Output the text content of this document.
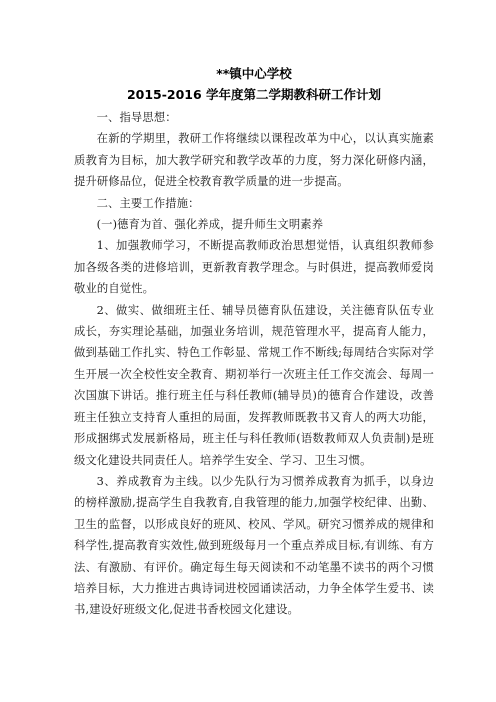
**镇中心学校

2015-2016 学年度第二学期教科研工作计划

一、指导思想：

在新的学期里，教研工作将继续以课程改革为中心，以认真实施素质教育为目标，加大教学研究和教学改革的力度，努力深化研修内涵，提升研修品位，促进全校教育教学质量的进一步提高。

二、主要工作措施：

(一)德育为首、强化养成，提升师生文明素养

1、加强教师学习，不断提高教师政治思想觉悟，认真组织教师参加各级各类的进修培训，更新教育教学理念。与时俱进，提高教师爱岗敬业的自觉性。

2、做实、做细班主任、辅导员德育队伍建设，关注德育队伍专业成长，夯实理论基础，加强业务培训，规范管理水平，提高育人能力，做到基础工作扎实、特色工作彰显、常规工作不断线;每周结合实际对学生开展一次全校性安全教育、期初举行一次班主任工作交流会、每周一次国旗下讲话。推行班主任与科任教师(辅导员)的德育合作建设，改善班主任独立支持育人重担的局面，发挥教师既教书又育人的两大功能，形成捆绑式发展新格局，班主任与科任教师(语数教师双人负责制)是班级文化建设共同责任人。培养学生安全、学习、卫生习惯。

3、养成教育为主线。以少先队行为习惯养成教育为抓手，以身边的榜样激励,提高学生自我教育,自我管理的能力,加强学校纪律、出勤、卫生的监督，以形成良好的班风、校风、学风。研究习惯养成的规律和科学性,提高教育实效性,做到班级每月一个重点养成目标,有训练、有方法、有激励、有评价。确定每生每天阅读和不动笔墨不读书的两个习惯培养目标，大力推进古典诗词进校园诵读活动，力争全体学生爱书、读书,建设好班级文化,促进书香校园文化建设。
